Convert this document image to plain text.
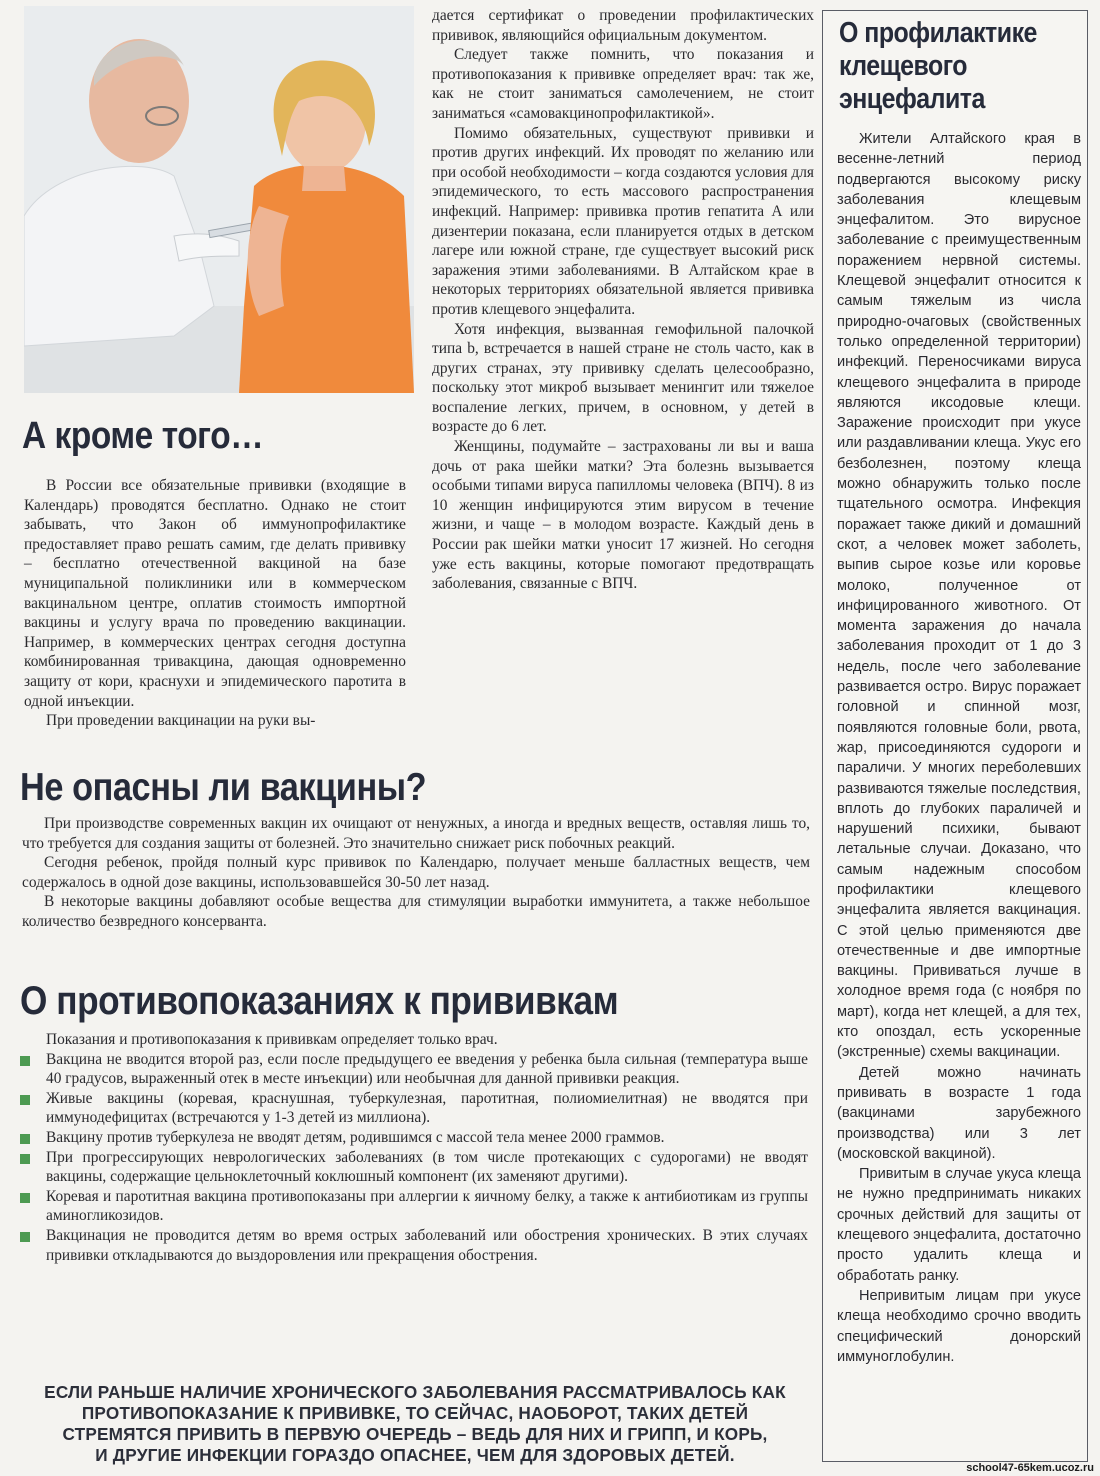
дается сертификат о проведении профилактических прививок, являющийся официальным документом.

Следует также помнить, что показания и противопоказания к прививке определяет врач: так же, как не стоит заниматься самолечением, не стоит заниматься «самовакцинопрофилактикой».

Помимо обязательных, существуют прививки и против других инфекций. Их проводят по желанию или при особой необходимости – когда создаются условия для эпидемического, то есть массового распространения инфекций. Например: прививка против гепатита А или дизентерии показана, если планируется отдых в детском лагере или южной стране, где существует высокий риск заражения этими заболеваниями. В Алтайском крае в некоторых территориях обязательной является прививка против клещевого энцефалита.

Хотя инфекция, вызванная гемофильной палочкой типа b, встречается в нашей стране не столь часто, как в других странах, эту прививку сделать целесообразно, поскольку этот микроб вызывает менингит или тяжелое воспаление легких, причем, в основном, у детей в возрасте до 6 лет.

Женщины, подумайте – застрахованы ли вы и ваша дочь от рака шейки матки? Эта болезнь вызывается особыми типами вируса папилломы человека (ВПЧ). 8 из 10 женщин инфицируются этим вирусом в течение жизни, и чаще – в молодом возрасте. Каждый день в России рак шейки матки уносит 17 жизней. Но сегодня уже есть вакцины, которые помогают предотвращать заболевания, связанные с ВПЧ.

А кроме того…

В России все обязательные прививки (входящие в Календарь) проводятся бесплатно. Однако не стоит забывать, что Закон об иммунопрофилактике предоставляет право решать самим, где делать прививку – бесплатно отечественной вакциной на базе муниципальной поликлиники или в коммерческом вакцинальном центре, оплатив стоимость импортной вакцины и услугу врача по проведению вакцинации. Например, в коммерческих центрах сегодня доступна комбинированная тривакцина, дающая одновременно защиту от кори, краснухи и эпидемического паротита в одной инъекции.

При проведении вакцинации на руки вы-

Не опасны ли вакцины?

При производстве современных вакцин их очищают от ненужных, а иногда и вредных веществ, оставляя лишь то, что требуется для создания защиты от болезней. Это значительно снижает риск побочных реакций.

Сегодня ребенок, пройдя полный курс прививок по Календарю, получает меньше балластных веществ, чем содержалось в одной дозе вакцины, использовавшейся 30-50 лет назад.

В некоторые вакцины добавляют особые вещества для стимуляции выработки иммунитета, а также небольшое количество безвредного консерванта.

О противопоказаниях к прививкам

Показания и противопоказания к прививкам определяет только врач.

Вакцина не вводится второй раз, если после предыдущего ее введения у ребенка была сильная (температура выше 40 градусов, выраженный отек в месте инъекции) или необычная для данной прививки реакция.
Живые вакцины (коревая, краснушная, туберкулезная, паротитная, полиомиелитная) не вводятся при иммунодефицитах (встречаются у 1-3 детей из миллиона).
Вакцину против туберкулеза не вводят детям, родившимся с массой тела менее 2000 граммов.
При прогрессирующих неврологических заболеваниях (в том числе протекающих с судорогами) не вводят вакцины, содержащие цельноклеточный коклюшный компонент (их заменяют другими).
Коревая и паротитная вакцина противопоказаны при аллергии к яичному белку, а также к антибиотикам из группы аминогликозидов.
Вакцинация не проводится детям во время острых заболеваний или обострения хронических. В этих случаях прививки откладываются до выздоровления или прекращения обострения.

ЕСЛИ РАНЬШЕ НАЛИЧИЕ ХРОНИЧЕСКОГО ЗАБОЛЕВАНИЯ РАССМАТРИВАЛОСЬ КАК
ПРОТИВОПОКАЗАНИЕ К ПРИВИВКЕ, ТО СЕЙЧАС, НАОБОРОТ, ТАКИХ ДЕТЕЙ
СТРЕМЯТСЯ ПРИВИТЬ В ПЕРВУЮ ОЧЕРЕДЬ – ВЕДЬ ДЛЯ НИХ И ГРИПП, И КОРЬ,
И ДРУГИЕ ИНФЕКЦИИ ГОРАЗДО ОПАСНЕЕ, ЧЕМ ДЛЯ ЗДОРОВЫХ ДЕТЕЙ.

О профилактике
клещевого
энцефалита

Жители Алтайского края в весенне-летний период подвергаются высокому риску заболевания клещевым энцефалитом. Это вирусное заболевание с преимущественным поражением нервной системы. Клещевой энцефалит относится к самым тяжелым из числа природно-очаговых (свойственных только определенной территории) инфекций. Переносчиками вируса клещевого энцефалита в природе являются иксодовые клещи. Заражение происходит при укусе или раздавливании клеща. Укус его безболезнен, поэтому клеща можно обнаружить только после тщательного осмотра. Инфекция поражает также дикий и домашний скот, а человек может заболеть, выпив сырое козье или коровье молоко, полученное от инфицированного животного. От момента заражения до начала заболевания проходит от 1 до 3 недель, после чего заболевание развивается остро. Вирус поражает головной и спинной мозг, появляются головные боли, рвота, жар, присоединяются судороги и параличи. У многих переболевших развиваются тяжелые последствия, вплоть до глубоких параличей и нарушений психики, бывают летальные случаи. Доказано, что самым надежным способом профилактики клещевого энцефалита является вакцинация. С этой целью применяются две отечественные и две импортные вакцины. Прививаться лучше в холодное время года (с ноября по март), когда нет клещей, а для тех, кто опоздал, есть ускоренные (экстренные) схемы вакцинации.

Детей можно начинать прививать в возрасте 1 года (вакцинами зарубежного производства) или 3 лет (московской вакциной).

Привитым в случае укуса клеща не нужно предпринимать никаких срочных действий для защиты от клещевого энцефалита, достаточно просто удалить клеща и обработать ранку.

Непривитым лицам при укусе клеща необходимо срочно вводить специфический донорский иммуноглобулин.

school47-65kem.ucoz.ru
